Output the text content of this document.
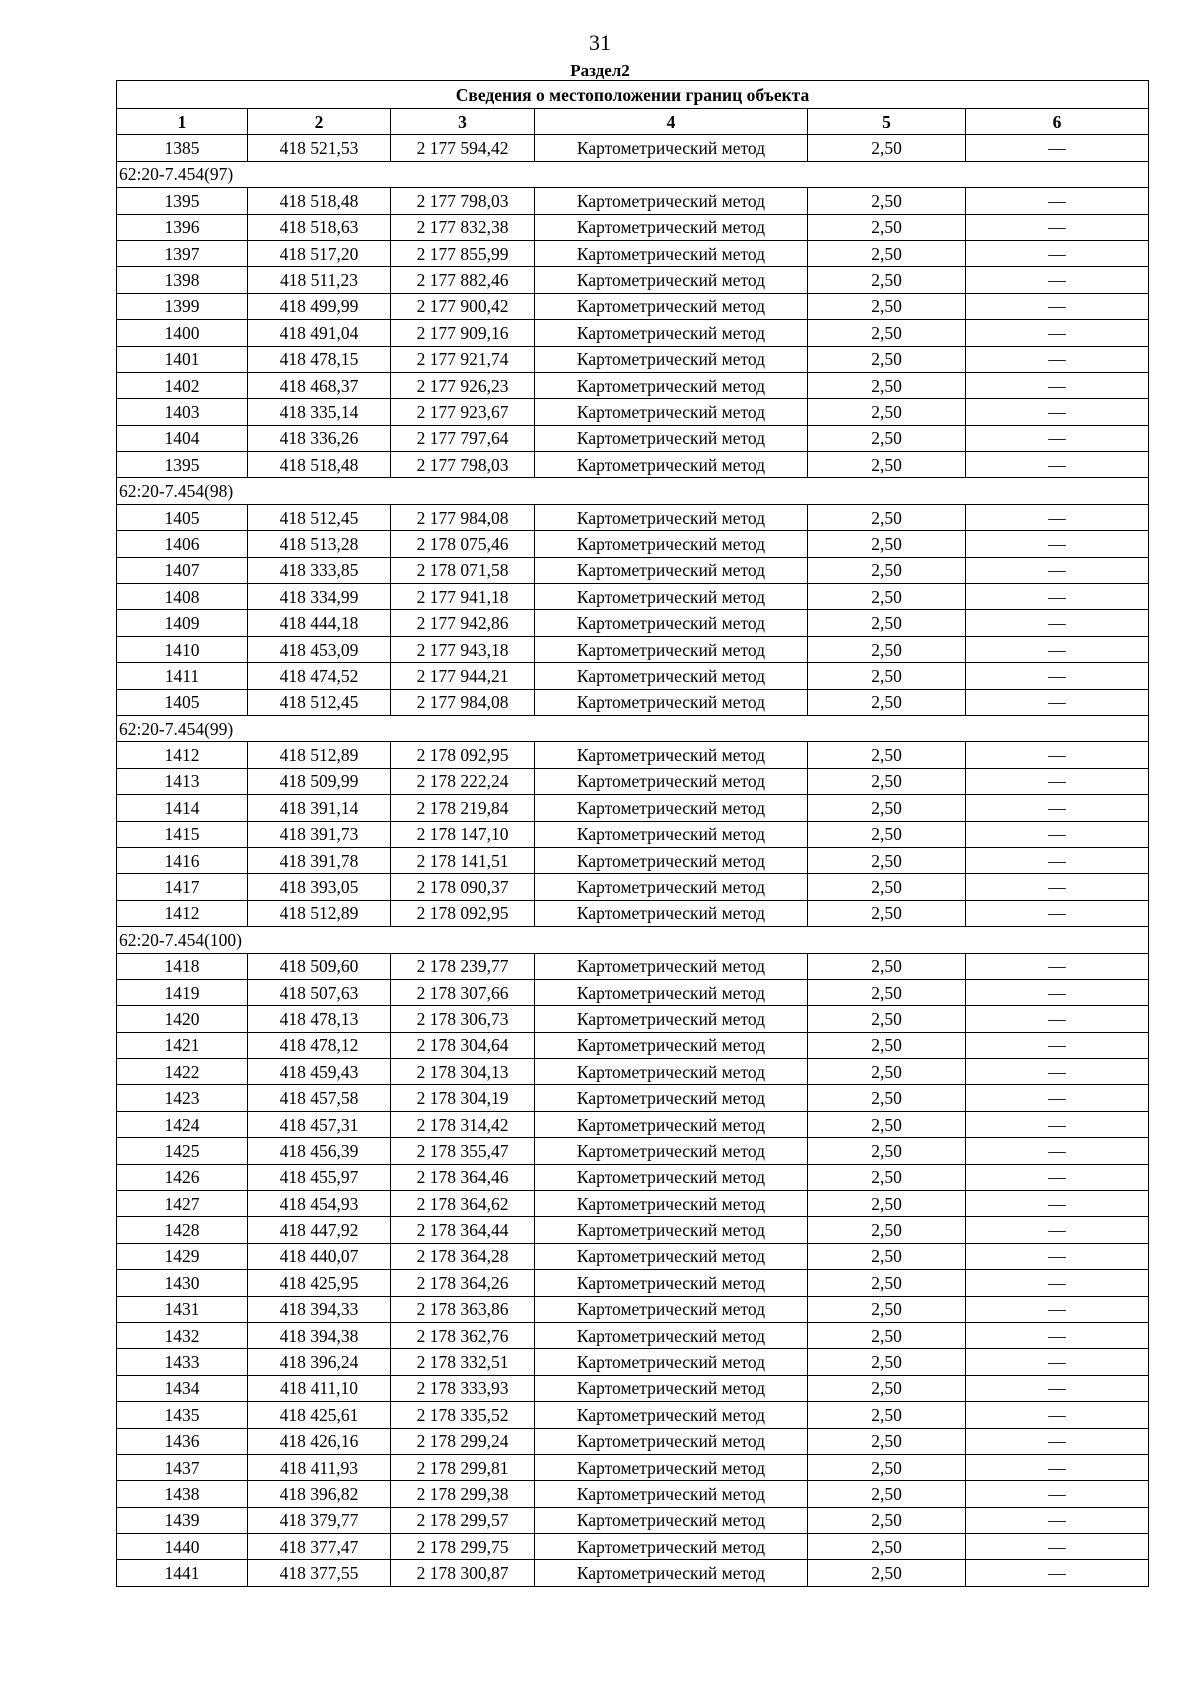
31
Раздел2
Сведения о местоположении границ объекта					
1	2	3	4	5	6
1385	418 521,53	2 177 594,42	Картометрический метод	2,50	—
62:20-7.454(97)					
1395	418 518,48	2 177 798,03	Картометрический метод	2,50	—
1396	418 518,63	2 177 832,38	Картометрический метод	2,50	—
1397	418 517,20	2 177 855,99	Картометрический метод	2,50	—
1398	418 511,23	2 177 882,46	Картометрический метод	2,50	—
1399	418 499,99	2 177 900,42	Картометрический метод	2,50	—
1400	418 491,04	2 177 909,16	Картометрический метод	2,50	—
1401	418 478,15	2 177 921,74	Картометрический метод	2,50	—
1402	418 468,37	2 177 926,23	Картометрический метод	2,50	—
1403	418 335,14	2 177 923,67	Картометрический метод	2,50	—
1404	418 336,26	2 177 797,64	Картометрический метод	2,50	—
1395	418 518,48	2 177 798,03	Картометрический метод	2,50	—
62:20-7.454(98)					
1405	418 512,45	2 177 984,08	Картометрический метод	2,50	—
1406	418 513,28	2 178 075,46	Картометрический метод	2,50	—
1407	418 333,85	2 178 071,58	Картометрический метод	2,50	—
1408	418 334,99	2 177 941,18	Картометрический метод	2,50	—
1409	418 444,18	2 177 942,86	Картометрический метод	2,50	—
1410	418 453,09	2 177 943,18	Картометрический метод	2,50	—
1411	418 474,52	2 177 944,21	Картометрический метод	2,50	—
1405	418 512,45	2 177 984,08	Картометрический метод	2,50	—
62:20-7.454(99)					
1412	418 512,89	2 178 092,95	Картометрический метод	2,50	—
1413	418 509,99	2 178 222,24	Картометрический метод	2,50	—
1414	418 391,14	2 178 219,84	Картометрический метод	2,50	—
1415	418 391,73	2 178 147,10	Картометрический метод	2,50	—
1416	418 391,78	2 178 141,51	Картометрический метод	2,50	—
1417	418 393,05	2 178 090,37	Картометрический метод	2,50	—
1412	418 512,89	2 178 092,95	Картометрический метод	2,50	—
62:20-7.454(100)					
1418	418 509,60	2 178 239,77	Картометрический метод	2,50	—
1419	418 507,63	2 178 307,66	Картометрический метод	2,50	—
1420	418 478,13	2 178 306,73	Картометрический метод	2,50	—
1421	418 478,12	2 178 304,64	Картометрический метод	2,50	—
1422	418 459,43	2 178 304,13	Картометрический метод	2,50	—
1423	418 457,58	2 178 304,19	Картометрический метод	2,50	—
1424	418 457,31	2 178 314,42	Картометрический метод	2,50	—
1425	418 456,39	2 178 355,47	Картометрический метод	2,50	—
1426	418 455,97	2 178 364,46	Картометрический метод	2,50	—
1427	418 454,93	2 178 364,62	Картометрический метод	2,50	—
1428	418 447,92	2 178 364,44	Картометрический метод	2,50	—
1429	418 440,07	2 178 364,28	Картометрический метод	2,50	—
1430	418 425,95	2 178 364,26	Картометрический метод	2,50	—
1431	418 394,33	2 178 363,86	Картометрический метод	2,50	—
1432	418 394,38	2 178 362,76	Картометрический метод	2,50	—
1433	418 396,24	2 178 332,51	Картометрический метод	2,50	—
1434	418 411,10	2 178 333,93	Картометрический метод	2,50	—
1435	418 425,61	2 178 335,52	Картометрический метод	2,50	—
1436	418 426,16	2 178 299,24	Картометрический метод	2,50	—
1437	418 411,93	2 178 299,81	Картометрический метод	2,50	—
1438	418 396,82	2 178 299,38	Картометрический метод	2,50	—
1439	418 379,77	2 178 299,57	Картометрический метод	2,50	—
1440	418 377,47	2 178 299,75	Картометрический метод	2,50	—
1441	418 377,55	2 178 300,87	Картометрический метод	2,50	—
